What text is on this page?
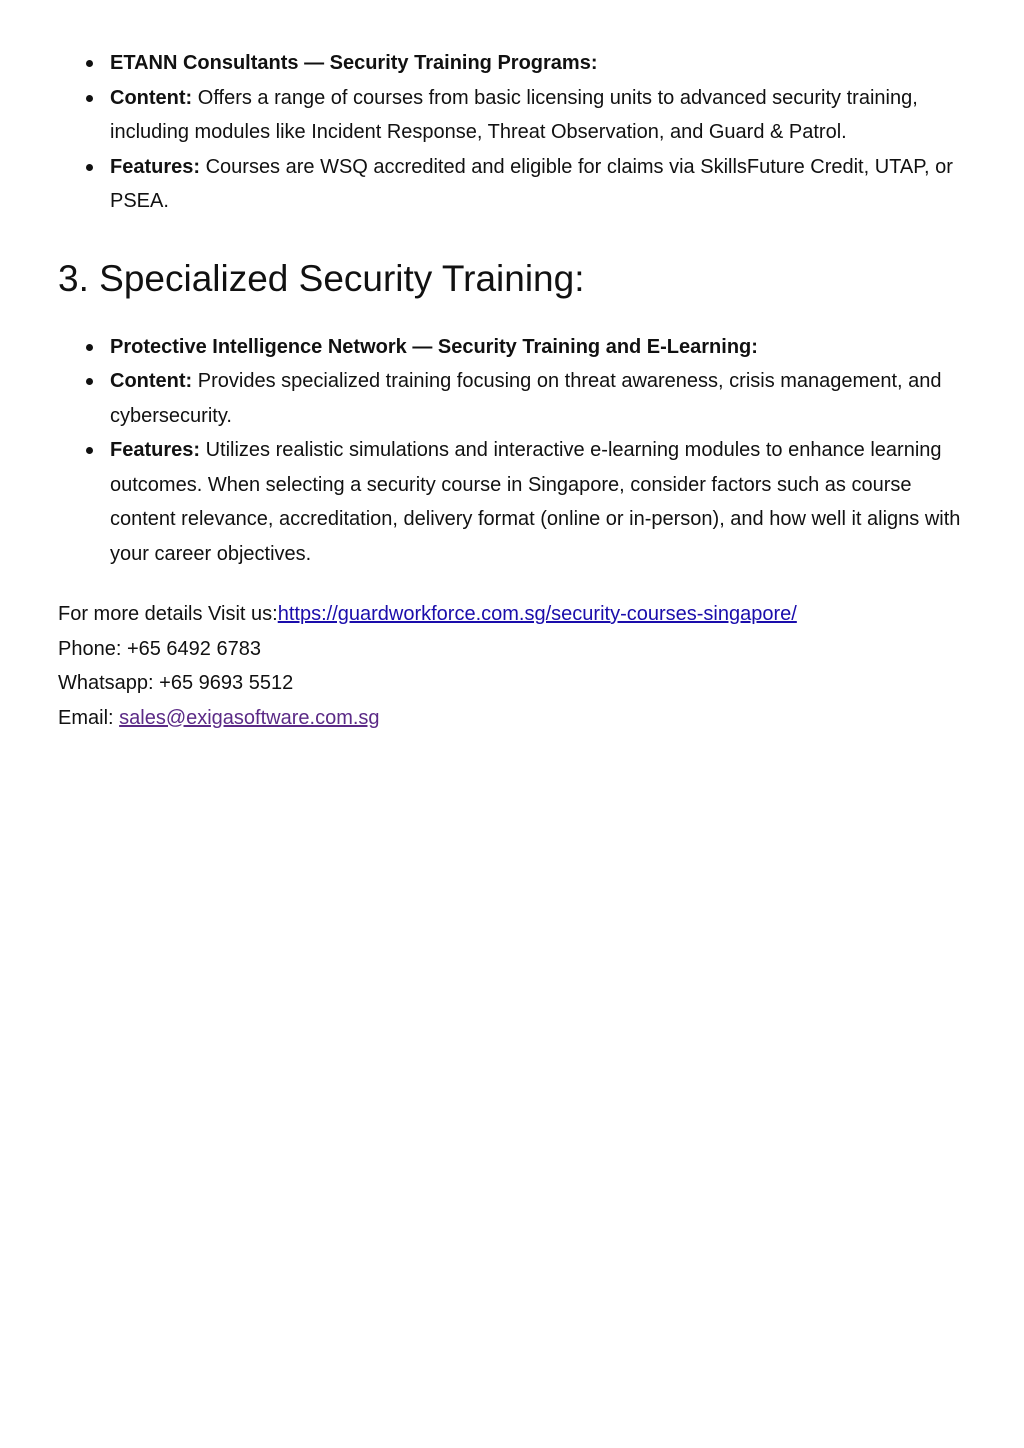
ETANN Consultants — Security Training Programs:
Content: Offers a range of courses from basic licensing units to advanced security training, including modules like Incident Response, Threat Observation, and Guard & Patrol.
Features: Courses are WSQ accredited and eligible for claims via SkillsFuture Credit, UTAP, or PSEA.
3. Specialized Security Training:
Protective Intelligence Network — Security Training and E-Learning:
Content: Provides specialized training focusing on threat awareness, crisis management, and cybersecurity.
Features: Utilizes realistic simulations and interactive e-learning modules to enhance learning outcomes. When selecting a security course in Singapore, consider factors such as course content relevance, accreditation, delivery format (online or in-person), and how well it aligns with your career objectives.
For more details Visit us:https://guardworkforce.com.sg/security-courses-singapore/
Phone: +65 6492 6783
Whatsapp: +65 9693 5512
Email: sales@exigasoftware.com.sg
